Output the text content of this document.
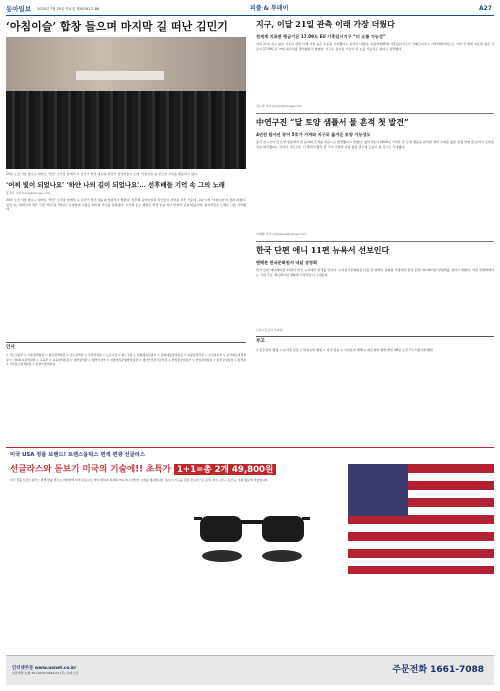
동아일보 2024년 7월 25일 목요일 제30761호 B6	피플 & 투데이	A27
‘아침이슬’ 합창 들으며 마지막 길 떠난 김민기
24일 오전 서울 종로구 대학로 ‘학전’ 소극장 앞에서 고 김민기 학전 대표의 영결식 참석자들이 노래 ‘아침이슬’을 부르며 고인을 배웅하고 있다.
‘어찌 빛이 되었나요’ ‘하얀 나의 길이 되었나요’… 선후배들 기억 속 그의 노래
홍정수 기자 hong@donga.com
24일 오전 서울 종로구 대학로 ‘학전’ 소극장 앞에서 고 김민기 학전 대표의 영결식이 열렸다. 선후배 음악인들과 시민들이 자리를 지킨 가운데 그의 노래 ‘아침이슬’이 울려 퍼졌다. 김민기는 대학로의 작은 극장 ‘학전’을 33년간 운영하며 수많은 배우와 가수를 길러냈다. 고인의 운구 행렬은 학전 앞을 지나 마지막 길을 떠났으며, 참석자들은 노래로 그를 기억했다.
인사
◇ 국토교통부 ▽ 교통정책실장 ▽ 항공정책실장 ▽ 국토정책관 ▽ 주택정책관 ▽ 도로국장 ▽ 철도국장 ◇ 문화체육관광부 ▽ 문화예술정책실장 ▽ 관광정책국장 ◇ 보건복지부 ▽ 보건의료정책실장 ▽ 사회복지정책실장 ◇ 교육부 ▽ 교육정책실장 ▽ 대학정책관 ◇ 행정안전부 ▽ 지방자치균형발전실장 ▽ 재난안전관리본부장 ◇ 산업통상자원부 ▽ 산업정책실장 ▽ 통상교섭실장 ◇ 환경부 ▽ 기후탄소정책실장 ▽ 물관리정책실장
지구, 이달 21일 관측 이래 가장 더웠다
전세계 지표면 평균기온 17.09도 EU 기후감시기구 “더 오를 가능성”
이달 21일 지구 평균 기온이 관측 이래 가장 높은 수준을 기록했다는 분석이 나왔다. 유럽연합(EU) 기후감시기구인 코페르니쿠스 기후변화서비스는 이날 전 세계 지표면 평균 기온이 17.09도로 역대 최고치를 경신했다고 밝혔다. 기구는 올여름 기온이 더 오를 가능성도 있다고 전망했다.
김보라 기자 purple@donga.com
中연구진 “달 토양 샘플서 물 흔적 첫 발견”
4년전 탐사선 창어 5호가 가져와 지구로 옮겨온 토양 가능성도
중국 연구진이 달 토양 샘플에서 물 분자의 흔적을 처음으로 발견했다고 밝혔다. 창어 5호가 2020년 가져온 달 토양 샘플을 분석한 결과 수화물 광물 결정 안에 물 분자가 포함된 것을 확인했다는 것이다. 연구진은 이 발견이 향후 달 기지 건설과 자원 활용 연구에 도움이 될 것으로 기대했다.
이채완 기자 chaewani@donga.com
한국 단편 애니 11편 뉴욕서 선보인다
맨해튼 한국문화원서 내달 상영회
한국 단편 애니메이션 11편이 미국 뉴욕에서 관객을 만난다. 뉴욕한국문화원은 다음 달 맨해튼 문화원 극장에서 한국 단편 애니메이션 상영회를 연다고 밝혔다. 이번 상영회에서는 국내 주요 애니메이션 영화제 수상작들이 소개된다.
뉴욕=김보라 특파원
부고
◇ 김무성씨 별세 = 유가족 일동 ◇ 박정숙씨 별세 = 자녀 일동 ◇ 이상호씨 별세 ◇ 최은영씨 별세 발인 26일 오전 7시 서울아산병원
미국 USA 정품 브랜드! 트랜스옵틱스 변색 편광 선글라스
선글라스와 돋보기 미국의 기술에!! 초특가 1+1=총 2개 49,800원
미국 정품 트랜스옵틱스 변색 편광 렌즈는 자외선에 따라 자동으로 색이 변하여 실내외 어디서나 편안한 시야를 제공합니다. 돋보기 기능을 갖춘 선글라스로 운전, 낚시, 골프, 등산 등 야외 활동에 적합합니다.
인터넷주문 www.usnet.co.kr
입금계좌 농협 301-0232-0924-01 (주) 유에스넷	주문전화 1661-7088
